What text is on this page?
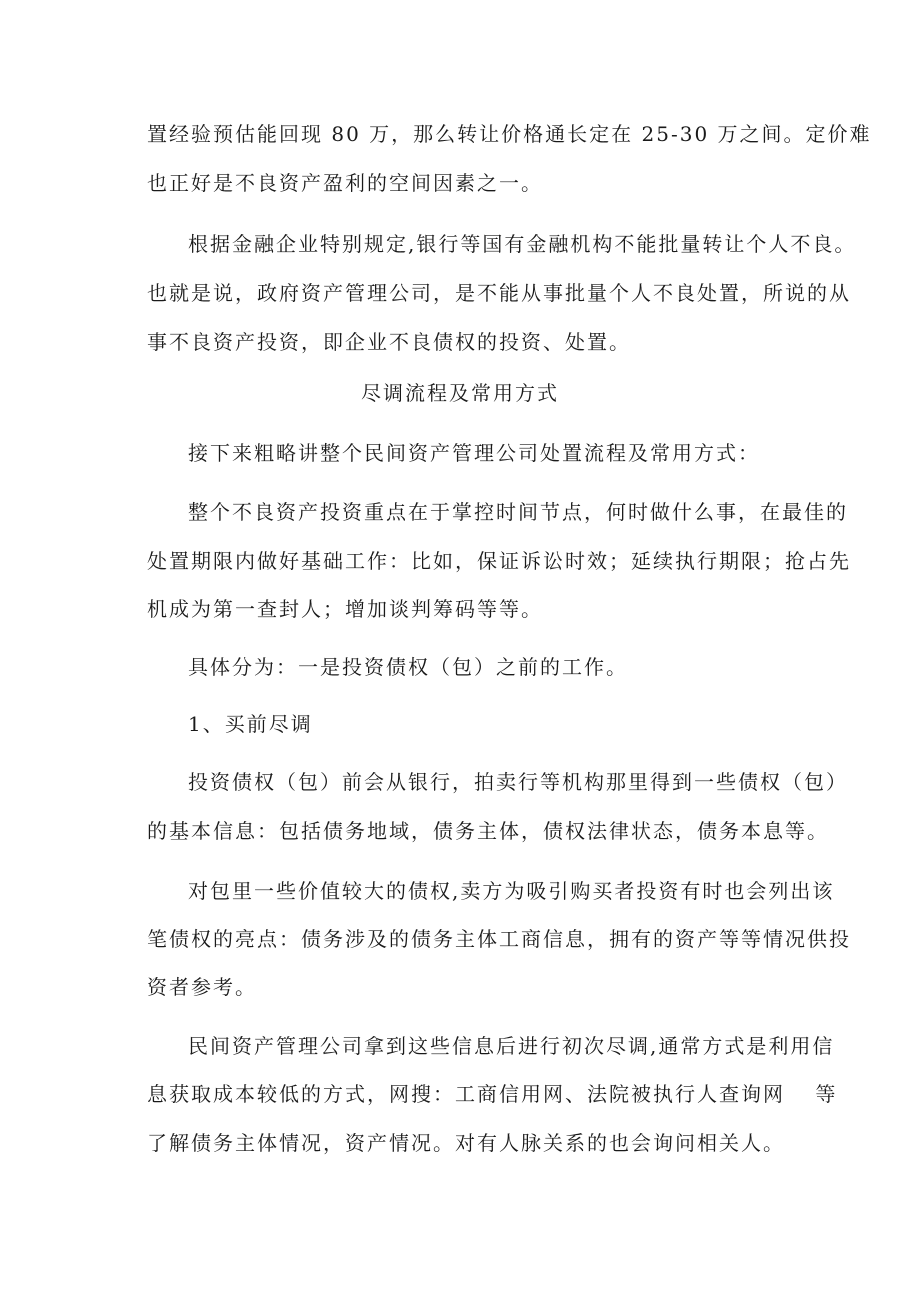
置经验预估能回现 80 万，那么转让价格通长定在 25-30 万之间。定价难
也正好是不良资产盈利的空间因素之一。
根据金融企业特别规定,银行等国有金融机构不能批量转让个人不良。
也就是说，政府资产管理公司，是不能从事批量个人不良处置，所说的从
事不良资产投资，即企业不良债权的投资、处置。
尽调流程及常用方式
接下来粗略讲整个民间资产管理公司处置流程及常用方式：
整个不良资产投资重点在于掌控时间节点，何时做什么事，在最佳的
处置期限内做好基础工作：比如，保证诉讼时效；延续执行期限；抢占先
机成为第一查封人；增加谈判筹码等等。
具体分为：一是投资债权（包）之前的工作。
1、买前尽调
投资债权（包）前会从银行，拍卖行等机构那里得到一些债权（包）
的基本信息：包括债务地域，债务主体，债权法律状态，债务本息等。
对包里一些价值较大的债权,卖方为吸引购买者投资有时也会列出该
笔债权的亮点：债务涉及的债务主体工商信息，拥有的资产等等情况供投
资者参考。
民间资产管理公司拿到这些信息后进行初次尽调,通常方式是利用信
息获取成本较低的方式，网搜：工商信用网、法院被执行人查询网　 等
了解债务主体情况，资产情况。对有人脉关系的也会询问相关人。
